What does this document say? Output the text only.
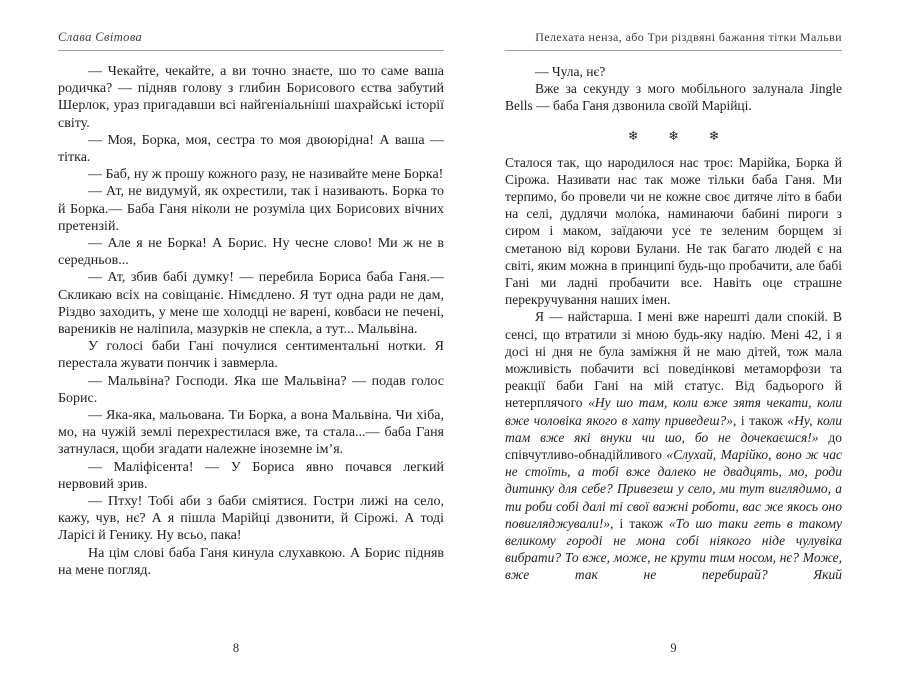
Слава Світова

— Чекайте, чекайте, а ви точно знаєте, шо то саме ваша родичка? — підняв голову з глибин Борисового єства забутий Шерлок, ураз пригадавши всі найгеніальніші шахрайські історії світу.

— Моя, Борка, моя, сестра то моя двоюрідна! А ваша — тітка.

— Баб, ну ж прошу кожного разу, не називайте мене Борка!

— Ат, не видумуй, як охрестили, так і називають. Борка то й Борка.— Баба Ганя ніколи не розуміла цих Борисових вічних претензій.

— Але я не Борка! А Борис. Ну чесне слово! Ми ж не в середньов...

— Ат, збив бабі думку! — перебила Бориса баба Ганя.— Скликаю всіх на совіщаніє. Німєдлено. Я тут одна ради не дам, Різдво заходить, у мене ше холодці не варені, ковбаси не печені, вареників не наліпила, мазурків не спекла, а тут... Мальвіна.

У голосі баби Гані почулися сентиментальні нотки. Я перестала жувати пончик і завмерла.

— Мальвіна? Господи. Яка ше Мальвіна? — подав голос Борис.

— Яка-яка, мальована. Ти Борка, а вона Мальвіна. Чи хіба, мо, на чужій землі перехрестилася вже, та стала...— баба Ганя затнулася, щоби згадати належне іноземне ім’я.

— Маліфісента! — У Бориса явно почався легкий нервовий зрив.

— Птху! Тобі аби з баби сміятися. Гостри лижі на село, кажу, чув, нє? А я пішла Марійці дзвонити, й Сірожі. А тоді Ларісі й Генику. Ну всьо, пака!

На цім слові баба Ганя кинула слухавкою. А Борис підняв на мене погляд.

Пелехата ненза, або Три різдвяні бажання тітки Мальви

— Чула, нє?

Вже за секунду з мого мобільного залунала Jingle Bells — баба Ганя дзвонила своїй Марійці.

❄ ❄ ❄

Сталося так, що народилося нас троє: Марійка, Борка й Сірожа. Називати нас так може тільки баба Ганя. Ми терпимо, бо провели чи не кожне своє дитяче літо в баби на селі, дудлячи моло́ка, наминаючи бабині пироги з сиром і маком, заїдаючи усе те зеленим борщем зі сметаною від корови Булани. Не так багато людей є на світі, яким можна в принципі будь-що пробачити, але бабі Гані ми ладні пробачити все. Навіть оце страшне перекручування наших імен.

Я — найстарша. І мені вже нарешті дали спокій. В сенсі, що втратили зі мною будь-яку надію. Мені 42, і я досі ні дня не була заміжня й не маю дітей, тож мала можливість побачити всі поведінкові метаморфози та реакції баби Гані на мій статус. Від бадьорого й нетерплячого «Ну шо там, коли вже зятя чекати, коли вже чоловіка якого в хату приведеш?», і також «Ну, коли там вже які внуки чи шо, бо не дочекаєшся!» до співчутливо-обнадійливого «Слухай, Марійко, воно ж час не стоїть, а тобі вже далеко не двадцять, мо, роди дитинку для себе? Привезеш у село, ми тут виглядимо, а ти роби собі далі ті свої важні роботи, вас же якось оно повигляджували!», і також «То шо таки геть в такому великому городі не мона собі ніякого ніде чулувіка вибрати? То вже, може, не крути тим носом, нє? Може, вже так не перебирай? Який

8	9
